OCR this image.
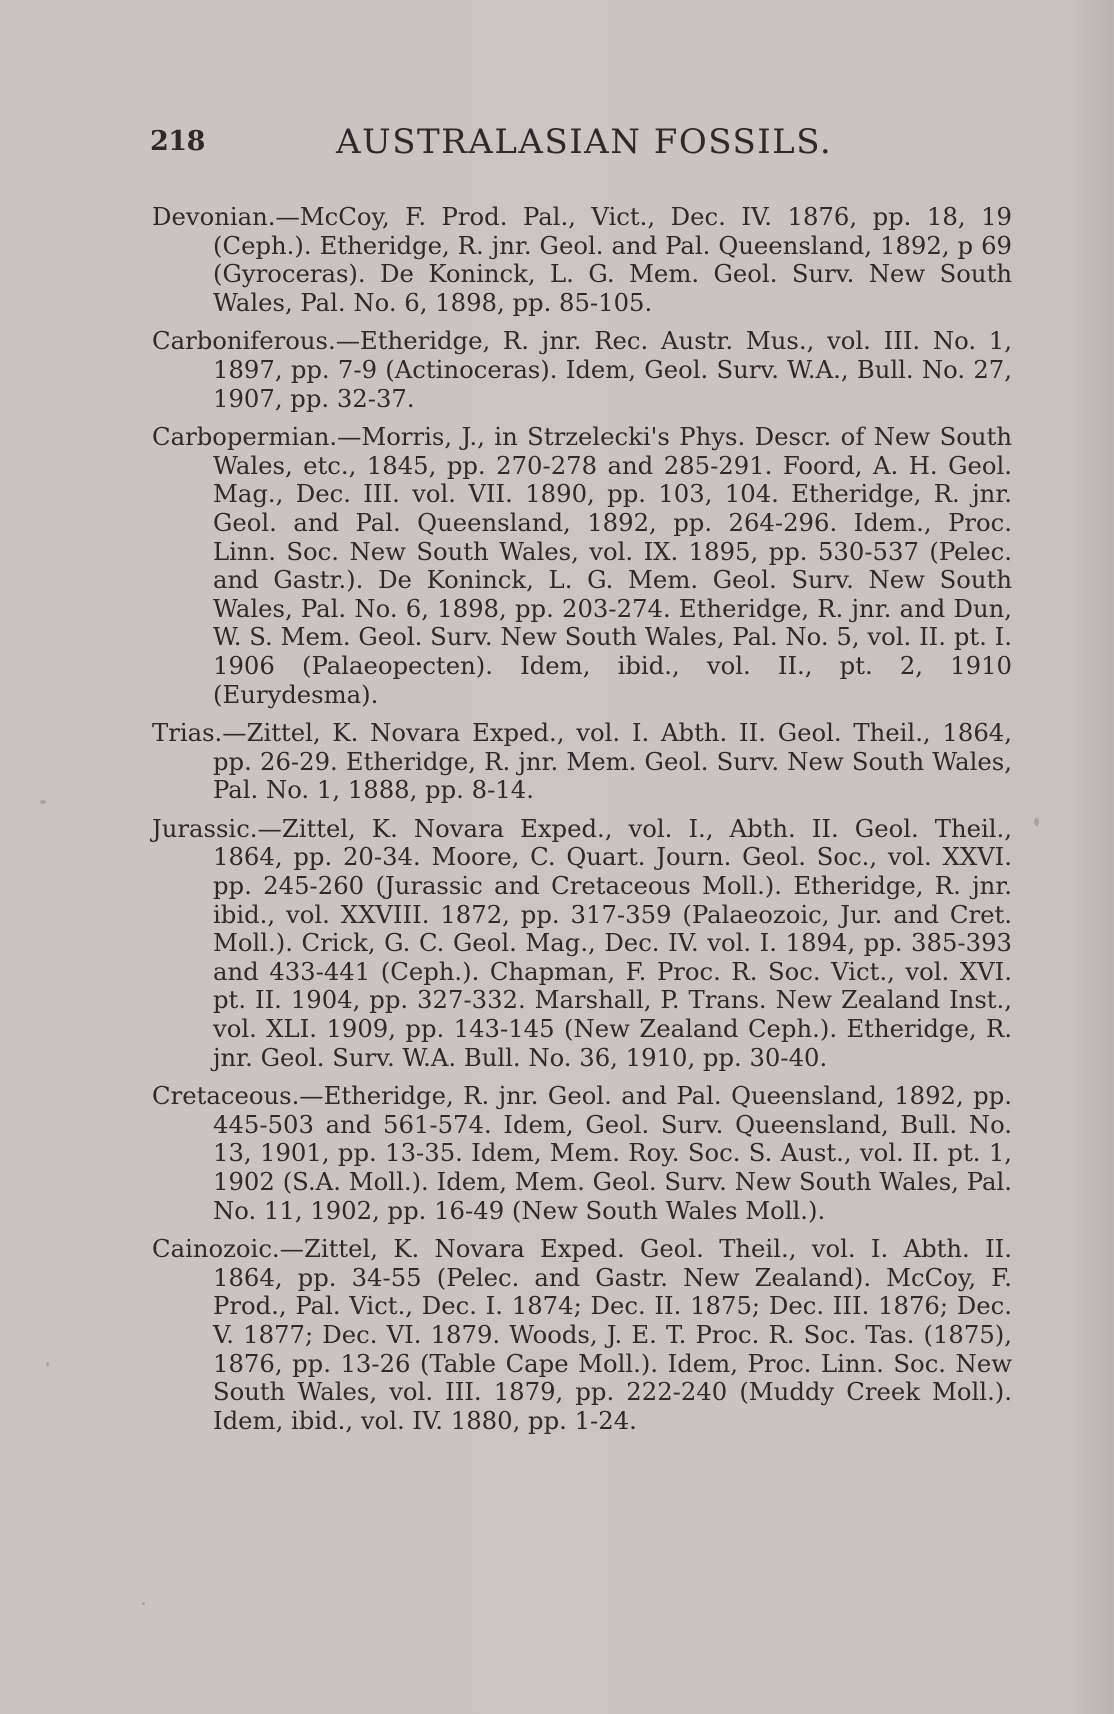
218	AUSTRALASIAN FOSSILS.

Devonian.—McCoy, F. Prod. Pal., Vict., Dec. IV. 1876, pp. 18, 19 (Ceph.). Etheridge, R. jnr. Geol. and Pal. Queensland, 1892, p 69 (Gyroceras). De Koninck, L. G. Mem. Geol. Surv. New South Wales, Pal. No. 6, 1898, pp. 85-105.

Carboniferous.—Etheridge, R. jnr. Rec. Austr. Mus., vol. III. No. 1, 1897, pp. 7-9 (Actinoceras). Idem, Geol. Surv. W.A., Bull. No. 27, 1907, pp. 32-37.

Carbopermian.—Morris, J., in Strzelecki's Phys. Descr. of New South Wales, etc., 1845, pp. 270-278 and 285-291. Foord, A. H. Geol. Mag., Dec. III. vol. VII. 1890, pp. 103, 104. Etheridge, R. jnr. Geol. and Pal. Queensland, 1892, pp. 264-296. Idem., Proc. Linn. Soc. New South Wales, vol. IX. 1895, pp. 530-537 (Pelec. and Gastr.). De Koninck, L. G. Mem. Geol. Surv. New South Wales, Pal. No. 6, 1898, pp. 203-274. Etheridge, R. jnr. and Dun, W. S. Mem. Geol. Surv. New South Wales, Pal. No. 5, vol. II. pt. I. 1906 (Palaeopecten). Idem, ibid., vol. II., pt. 2, 1910 (Eurydesma).

Trias.—Zittel, K. Novara Exped., vol. I. Abth. II. Geol. Theil., 1864, pp. 26-29. Etheridge, R. jnr. Mem. Geol. Surv. New South Wales, Pal. No. 1, 1888, pp. 8-14.

Jurassic.—Zittel, K. Novara Exped., vol. I., Abth. II. Geol. Theil., 1864, pp. 20-34. Moore, C. Quart. Journ. Geol. Soc., vol. XXVI. pp. 245-260 (Jurassic and Cretaceous Moll.). Etheridge, R. jnr. ibid., vol. XXVIII. 1872, pp. 317-359 (Palaeozoic, Jur. and Cret. Moll.). Crick, G. C. Geol. Mag., Dec. IV. vol. I. 1894, pp. 385-393 and 433-441 (Ceph.). Chapman, F. Proc. R. Soc. Vict., vol. XVI. pt. II. 1904, pp. 327-332. Marshall, P. Trans. New Zealand Inst., vol. XLI. 1909, pp. 143-145 (New Zealand Ceph.). Etheridge, R. jnr. Geol. Surv. W.A. Bull. No. 36, 1910, pp. 30-40.

Cretaceous.—Etheridge, R. jnr. Geol. and Pal. Queensland, 1892, pp. 445-503 and 561-574. Idem, Geol. Surv. Queensland, Bull. No. 13, 1901, pp. 13-35. Idem, Mem. Roy. Soc. S. Aust., vol. II. pt. 1, 1902 (S.A. Moll.). Idem, Mem. Geol. Surv. New South Wales, Pal. No. 11, 1902, pp. 16-49 (New South Wales Moll.).

Cainozoic.—Zittel, K. Novara Exped. Geol. Theil., vol. I. Abth. II. 1864, pp. 34-55 (Pelec. and Gastr. New Zealand). McCoy, F. Prod., Pal. Vict., Dec. I. 1874; Dec. II. 1875; Dec. III. 1876; Dec. V. 1877; Dec. VI. 1879. Woods, J. E. T. Proc. R. Soc. Tas. (1875), 1876, pp. 13-26 (Table Cape Moll.). Idem, Proc. Linn. Soc. New South Wales, vol. III. 1879, pp. 222-240 (Muddy Creek Moll.). Idem, ibid., vol. IV. 1880, pp. 1-24.
